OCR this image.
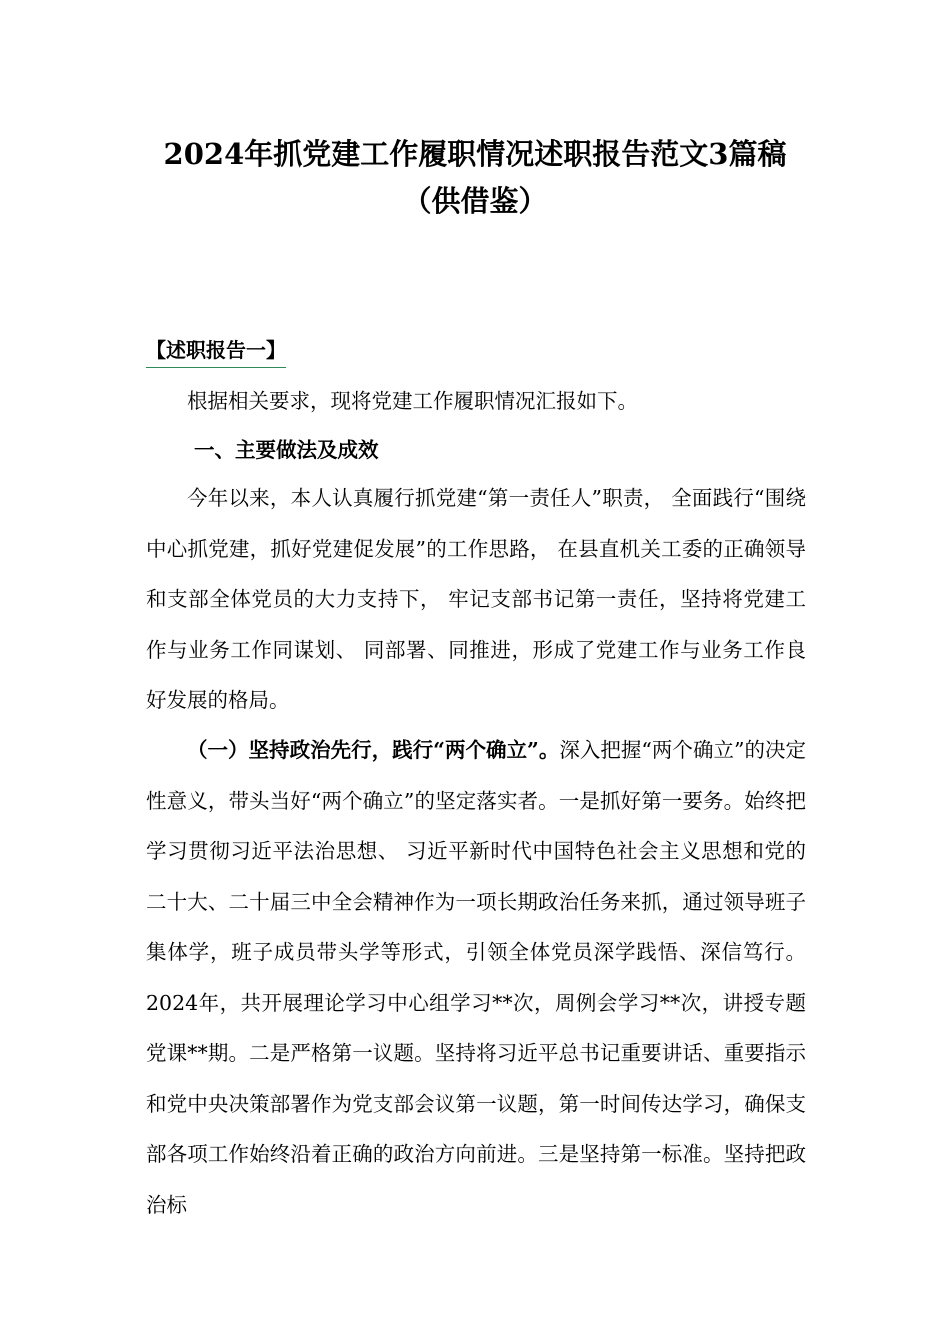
2024年抓党建工作履职情况述职报告范文3篇稿
（供借鉴）
【述职报告一】

根据相关要求，现将党建工作履职情况汇报如下。

一、主要做法及成效

今年以来，本人认真履行抓党建“第一责任人”职责， 全面践行“围绕中心抓党建，抓好党建促发展”的工作思路， 在县直机关工委的正确领导和支部全体党员的大力支持下， 牢记支部书记第一责任，坚持将党建工作与业务工作同谋划、 同部署、同推进，形成了党建工作与业务工作良好发展的格局。

（一）坚持政治先行，践行“两个确立”。深入把握“两个确立”的决定性意义，带头当好“两个确立”的坚定落实者。一是抓好第一要务。始终把学习贯彻习近平法治思想、 习近平新时代中国特色社会主义思想和党的二十大、二十届三中全会精神作为一项长期政治任务来抓，通过领导班子集体学，班子成员带头学等形式，引领全体党员深学践悟、深信笃行。2024年，共开展理论学习中心组学习**次，周例会学习**次，讲授专题党课**期。二是严格第一议题。坚持将习近平总书记重要讲话、重要指示和党中央决策部署作为党支部会议第一议题，第一时间传达学习，确保支部各项工作始终沿着正确的政治方向前进。三是坚持第一标准。坚持把政治标
